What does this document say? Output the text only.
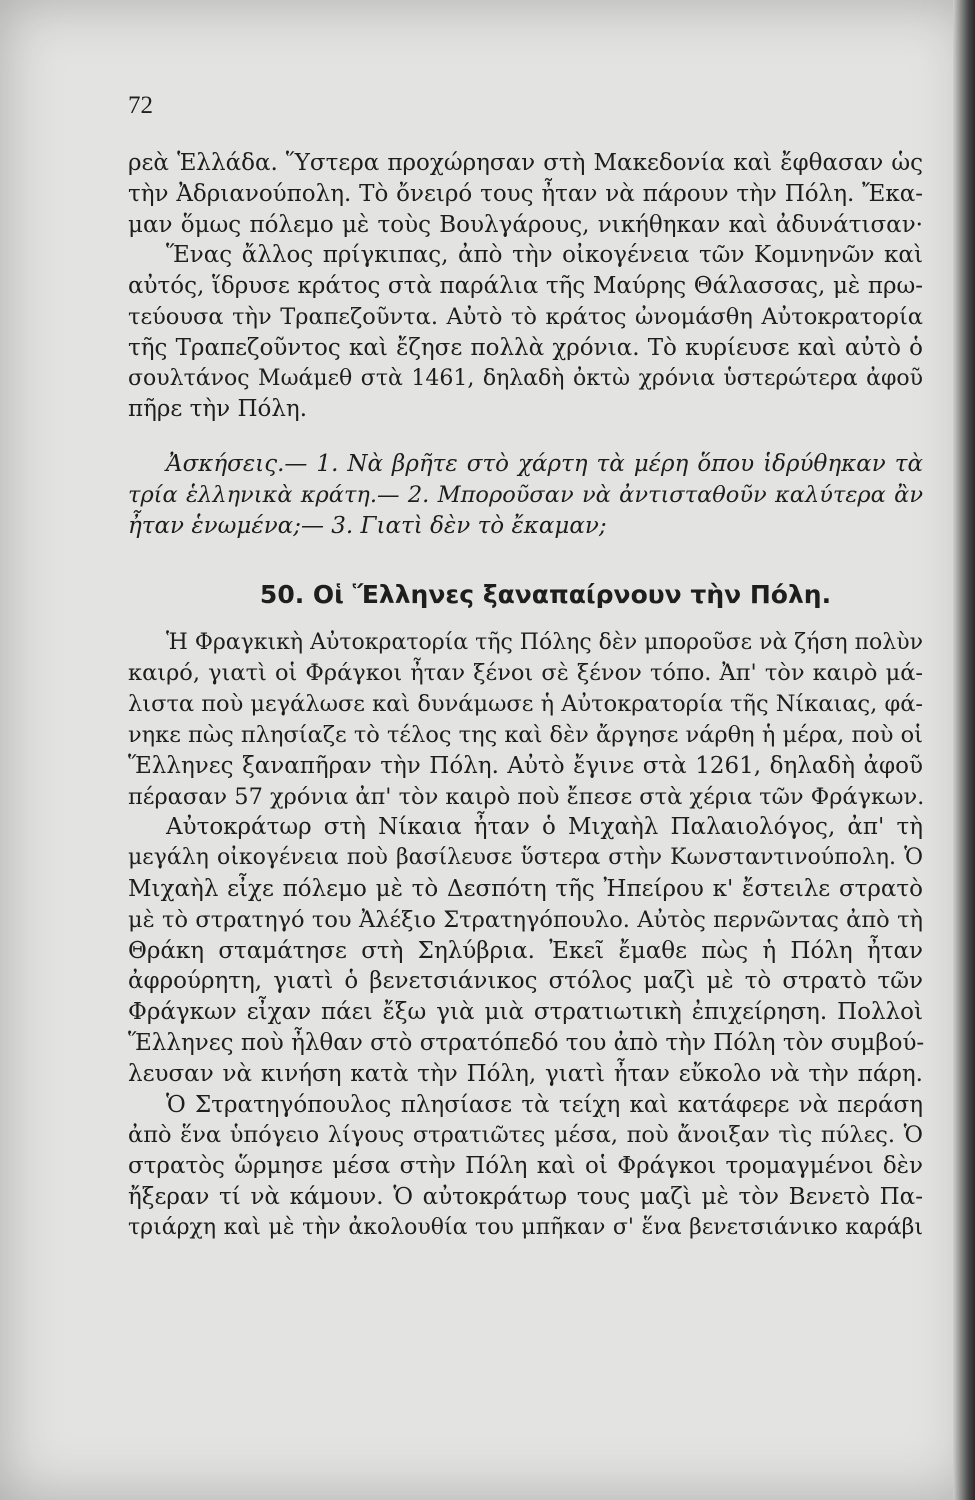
72
ρεὰ Ἑλλάδα. Ὕστερα προχώρησαν στὴ Μακεδονία καὶ ἔφθασαν ὡς
τὴν Ἀδριανούπολη. Τὸ ὄνειρό τους ἦταν νὰ πάρουν τὴν Πόλη. Ἔκα-
μαν ὅμως πόλεμο μὲ τοὺς Βουλγάρους, νικήθηκαν καὶ ἀδυνάτισαν·
Ἕνας ἄλλος πρίγκιπας, ἀπὸ τὴν οἰκογένεια τῶν Κομνηνῶν καὶ
αὐτός, ἵδρυσε κράτος στὰ παράλια τῆς Μαύρης Θάλασσας, μὲ πρω-
τεύουσα τὴν Τραπεζοῦντα. Αὐτὸ τὸ κράτος ὠνομάσθη Αὐτοκρατορία
τῆς Τραπεζοῦντος καὶ ἔζησε πολλὰ χρόνια. Τὸ κυρίευσε καὶ αὐτὸ ὁ
σουλτάνος Μωάμεθ στὰ 1461, δηλαδὴ ὀκτὼ χρόνια ὑστερώτερα ἀφοῦ
πῆρε τὴν Πόλη.
Ἀσκήσεις.— 1. Νὰ βρῆτε στὸ χάρτη τὰ μέρη ὅπου ἱδρύθηκαν τὰ
τρία ἑλληνικὰ κράτη.— 2. Μποροῦσαν νὰ ἀντισταθοῦν καλύτερα ἂν
ἦταν ἑνωμένα;— 3. Γιατὶ δὲν τὸ ἔκαμαν;
50. Οἱ Ἕλληνες ξαναπαίρνουν τὴν Πόλη.
Ἡ Φραγκικὴ Αὐτοκρατορία τῆς Πόλης δὲν μποροῦσε νὰ ζήση πολὺν
καιρό, γιατὶ οἱ Φράγκοι ἦταν ξένοι σὲ ξένον τόπο. Ἀπ' τὸν καιρὸ μά-
λιστα ποὺ μεγάλωσε καὶ δυνάμωσε ἡ Αὐτοκρατορία τῆς Νίκαιας, φά-
νηκε πὼς πλησίαζε τὸ τέλος της καὶ δὲν ἄργησε νάρθη ἡ μέρα, ποὺ οἱ
Ἕλληνες ξαναπῆραν τὴν Πόλη. Αὐτὸ ἔγινε στὰ 1261, δηλαδὴ ἀφοῦ
πέρασαν 57 χρόνια ἀπ' τὸν καιρὸ ποὺ ἔπεσε στὰ χέρια τῶν Φράγκων.
Αὐτοκράτωρ στὴ Νίκαια ἦταν ὁ Μιχαὴλ Παλαιολόγος, ἀπ' τὴ
μεγάλη οἰκογένεια ποὺ βασίλευσε ὕστερα στὴν Κωνσταντινούπολη. Ὁ
Μιχαὴλ εἶχε πόλεμο μὲ τὸ Δεσπότη τῆς Ἠπείρου κ' ἔστειλε στρατὸ
μὲ τὸ στρατηγό του Ἀλέξιο Στρατηγόπουλο. Αὐτὸς περνῶντας ἀπὸ τὴ
Θράκη σταμάτησε στὴ Σηλύβρια. Ἐκεῖ ἔμαθε πὼς ἡ Πόλη ἦταν
ἀφρούρητη, γιατὶ ὁ βενετσιάνικος στόλος μαζὶ μὲ τὸ στρατὸ τῶν
Φράγκων εἶχαν πάει ἔξω γιὰ μιὰ στρατιωτικὴ ἐπιχείρηση. Πολλοὶ
Ἕλληνες ποὺ ἦλθαν στὸ στρατόπεδό του ἀπὸ τὴν Πόλη τὸν συμβού-
λευσαν νὰ κινήση κατὰ τὴν Πόλη, γιατὶ ἦταν εὔκολο νὰ τὴν πάρη.
Ὁ Στρατηγόπουλος πλησίασε τὰ τείχη καὶ κατάφερε νὰ περάση
ἀπὸ ἕνα ὑπόγειο λίγους στρατιῶτες μέσα, ποὺ ἄνοιξαν τὶς πύλες. Ὁ
στρατὸς ὥρμησε μέσα στὴν Πόλη καὶ οἱ Φράγκοι τρομαγμένοι δὲν
ἤξεραν τί νὰ κάμουν. Ὁ αὐτοκράτωρ τους μαζὶ μὲ τὸν Βενετὸ Πα-
τριάρχη καὶ μὲ τὴν ἀκολουθία του μπῆκαν σ' ἕνα βενετσιάνικο καράβι
